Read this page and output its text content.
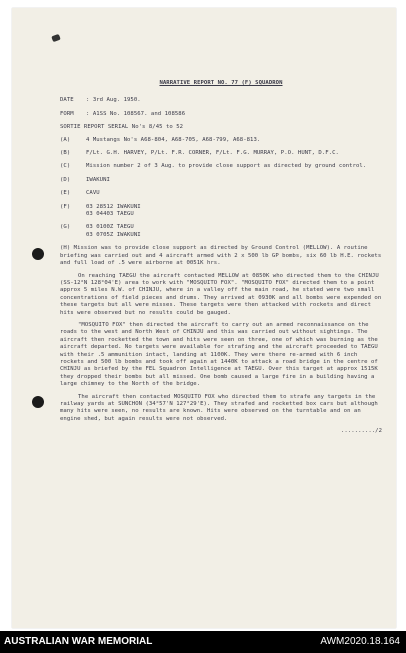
NARRATIVE REPORT NO. 77 (F) SQUADRON
DATE	: 3rd Aug. 1950.
FORM	: A1SS No. 108567. and 108586
SORTIE REPORT SERIAL No's 8/45 to 52
(A)	4 Mustangs No's A68-804, A68-705, A68-799, A68-813.
(B)	F/Lt. G.H. HARVEY, P/Lt. F.R. CORNER, F/Lt. F.G. MURRAY, P.O. HUNT, D.F.C.
(C)	Mission number 2 of 3 Aug. to provide close support as directed by ground control.
(D)	IWAKUNI
(E)	CAVU
(F)	03 28512 IWAKUNI
03 04403 TAEGU
(G)	03 0100Z TAEGU
03 0705Z IWAKUNI
(H) Mission was to provide close support as directed by Ground Control (MELLOW). A routine briefing was carried out and 4 aircraft armed with 2 x 500 lb GP bombs, six 60 lb H.E. rockets and full load of .5 were airborne at 0051K hrs.
On reaching TAEGU the aircraft contacted MELLOW at 0850K who directed them to the CHINJU (SS-12°N 128°04'E) area to work with "MOSQUITO FOX". "MOSQUITO FOX" directed them to a point approx 5 miles N.W. of CHINJU, where in a valley off the main road, he stated were two small concentrations of field pieces and drums. They arrived at 0930K and all bombs were expended on these targets but all were misses. These targets were then attacked with rockets and direct hits were observed but no results could be gauged.
"MOSQUITO FOX" then directed the aircraft to carry out an armed reconnaissance on the roads to the west and North West of CHINJU and this was carried out without sightings. The aircraft then rocketted the town and hits were seen on three, one of which was burning as the aircraft departed. No targets were available for strafing and the aircraft proceeded to TAEGU with their .5 ammunition intact, landing at 1100K. They were there re-armed with 6 inch rockets and 500 lb bombs and took off again at 1440K to attack a road bridge in the centre of CHINJU as briefed by the FEL Squadron Intelligence at TAEGU. Over this target at approx 1515K they dropped their bombs but all missed. One bomb caused a large fire in a building having a large chimney to the North of the bridge.
The aircraft then contacted MOSQUITO FOX who directed them to strafe any targets in the railway yards at SUNCHON (34°57'N 127°29'E). They strafed and rocketted box cars but although many hits were seen, no results are known. Hits were observed on the turntable and on an engine shed, but again results were not observed.
........../2
AUSTRALIAN WAR MEMORIAL	AWM2020.18.164
